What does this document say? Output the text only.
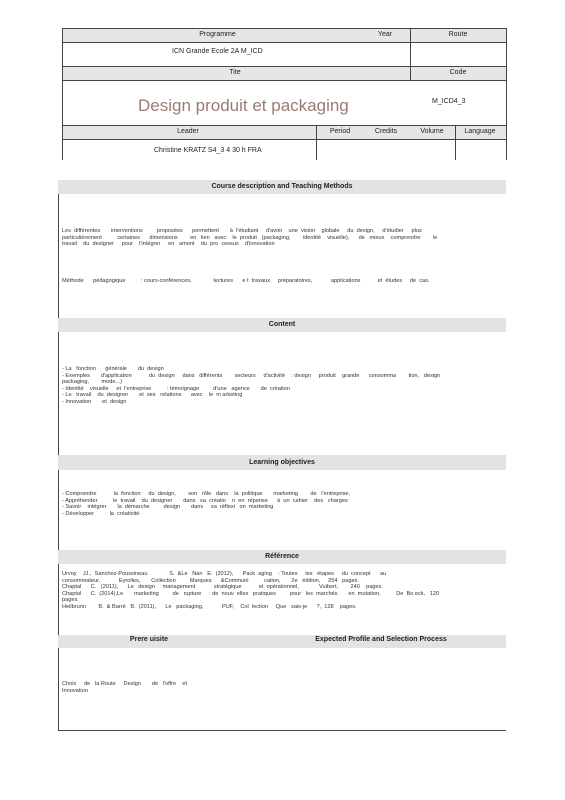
Programme	Year	Route
ICN Grande Ecole 2A M_ICD
Tite	Code
Design produit et packaging	M_ICD4_3
Leader	Period	Credits	Volume	Language
Christine KRATZ S4_3 4 30 h FRA
Course description and Teaching Methods
Les  différentes       interventions         proposées      permettent       à  l'étudiant     d'avoir    une  vision    globale     du  design,     d'étudier     plus
particulièrement          certaines      dimensions        en   lien   avec    le  produit   (packaging,        identité    visuelle),      de   mieux    comprendre        le
travail    du  designer     pour    l'intégrer     en   amont    du  pro  cessus    d'innovation
Méthode      pédagogique          : cours-conférences,              lectures      e t  travaux     préparatoires,            applications           et  études     de  cas.
Content
- La   fonction      générale       du  design
- Exemples       d'application           du  design     dans   différents        secteurs     d'activité    : design     produit    grande      consomma        tion,   design
packaging,        mode...)
- Identité    visuelle     et  l'entreprise          : témoignage         d'une   agence       de  création
- Le   travail    du  designer       et  ses   relations      avec    le  m arketing
- Innovation       et  design
Learning objectives
- Comprendre           la  fonction     du  design,        son   rôle   dans    la  politique       marketing        de   l'entreprise,
- Appréhender          le  travail    du  designer       dans   sa  créatio    n  en  réponse      à  un  cahier    des   charges
- Savoir    intégrer       la  démarche         design       dans     sa  réflexi   on  marketing
- Développer          la  créativité
Référence
Urvoy    JJ.,  Sanchez-Poussineau              S.  &Le   Nan   E.  (2012),      Pack  aging    : Toutes     les   étapes     du  concept      au
consommateur,            Eyrolles,       Collection         Marques      &Communi          cation,       2e   édition,     254   pages.
Chaptal      C.   (2011),      Le   design     management            stratégique           et  opérationnel,             Vuibert,        240    pages.
Chaptal      C.  (2014),Le       marketing         de   rupture     : de  nouv  elles   pratiques         pour   les  marchés       en  mutation,          De  Bo eck,   120
pages.
Heilbrunn        B.  & Barré   B.  (2011),      Le   packaging,            PUF,    Col  lection     Que   sais-je      ?,  128    pages.
Prere uisite	Expected Profile and Selection Process
Choix     de   la Route     Design       de   l'offre    et
Innovation
